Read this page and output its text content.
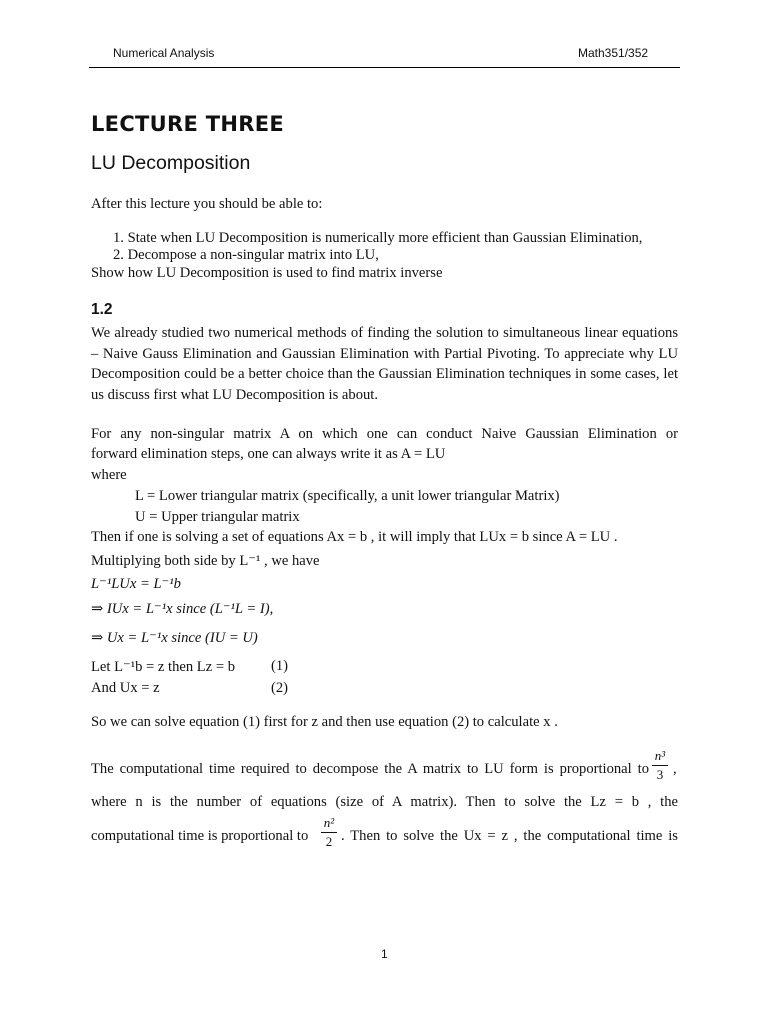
Numerical Analysis	Math351/352
LECTURE THREE
LU Decomposition
After this lecture you should be able to:
1. State when LU Decomposition is numerically more efficient than Gaussian Elimination,
2. Decompose a non-singular matrix into LU,
Show how LU Decomposition is used to find matrix inverse
1.2
We already studied two numerical methods of finding the solution to simultaneous linear equations – Naive Gauss Elimination and Gaussian Elimination with Partial Pivoting. To appreciate why LU Decomposition could be a better choice than the Gaussian Elimination techniques in some cases, let us discuss first what LU Decomposition is about.
For any non-singular matrix A on which one can conduct Naive Gaussian Elimination or
forward elimination steps, one can always write it as A = LU
where
L = Lower triangular matrix (specifically, a unit lower triangular Matrix)
U = Upper triangular matrix
Then if one is solving a set of equations Ax = b , it will imply that LUx = b since A = LU .
Multiplying both side by L⁻¹ , we have
L⁻¹LUx = L⁻¹b
⇒ IUx = L⁻¹x since (L⁻¹L = I),
⇒ Ux = L⁻¹x since (IU = U)
Let L⁻¹b = z then Lz = b (1)
And Ux = z	(2)
So we can solve equation (1) first for z and then use equation (2) to calculate x .
The computational time required to decompose the A matrix to LU form is proportional to
n³
3 ,
where n is the number of equations (size of A matrix). Then to solve the Lz = b , the
computational time is proportional to
n²
2 . Then to solve the Ux = z , the computational time is
1
